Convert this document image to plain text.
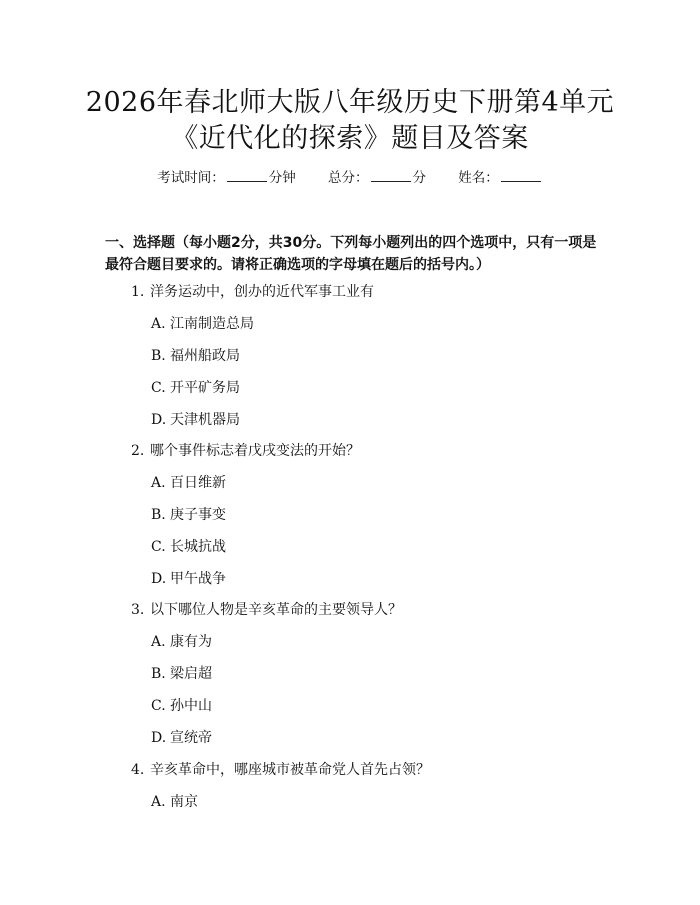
2026年春北师大版八年级历史下册第4单元
《近代化的探索》题目及答案
考试时间：	分钟 总分：	分 姓名：
一、选择题（每小题2分，共30分。下列每小题列出的四个选项中，只有一项是
最符合题目要求的。请将正确选项的字母填在题后的括号内。）
1. 洋务运动中，创办的近代军事工业有
A. 江南制造总局
B. 福州船政局
C. 开平矿务局
D. 天津机器局
2. 哪个事件标志着戊戌变法的开始？
A. 百日维新
B. 庚子事变
C. 长城抗战
D. 甲午战争
3. 以下哪位人物是辛亥革命的主要领导人？
A. 康有为
B. 梁启超
C. 孙中山
D. 宣统帝
4. 辛亥革命中，哪座城市被革命党人首先占领？
A. 南京
